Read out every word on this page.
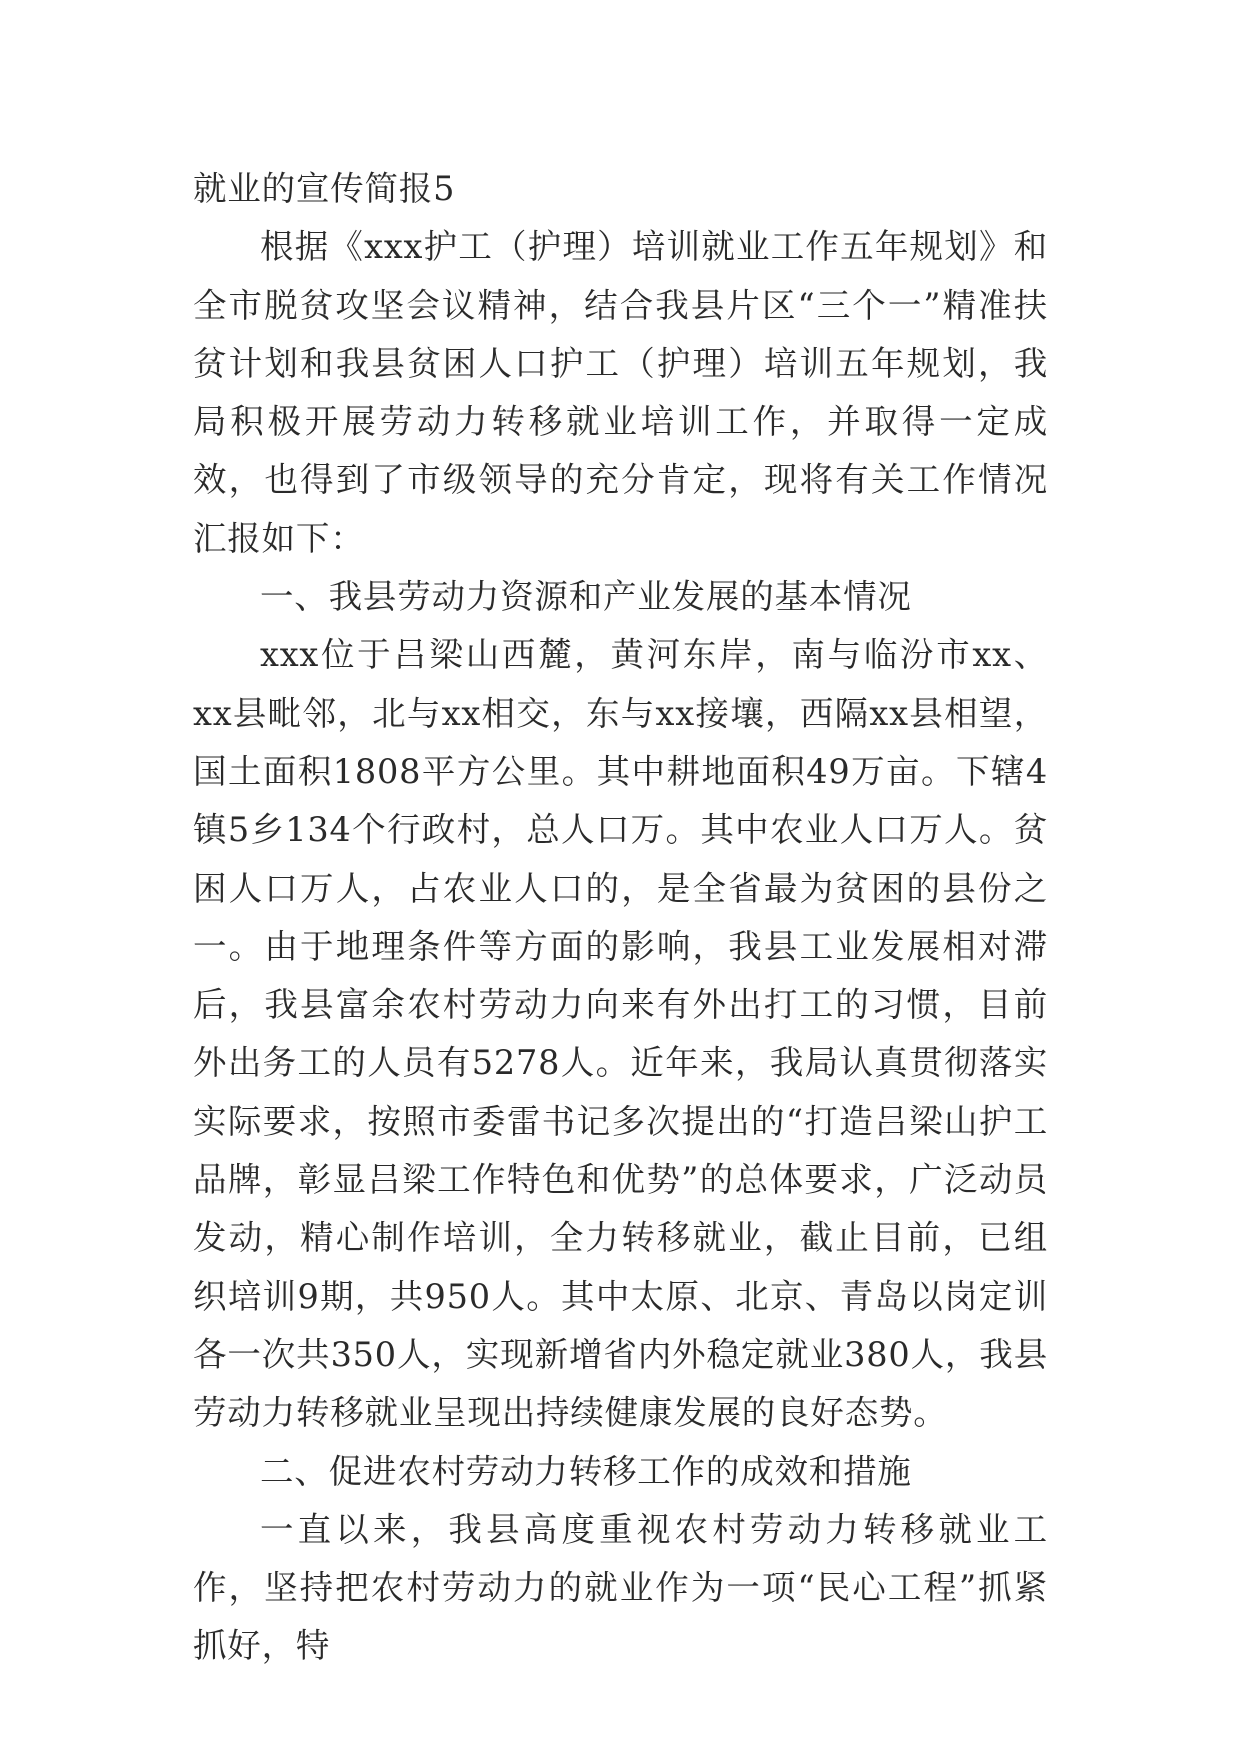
就业的宣传简报5

根据《xxx护工（护理）培训就业工作五年规划》和全市脱贫攻坚会议精神，结合我县片区“三个一”精准扶贫计划和我县贫困人口护工（护理）培训五年规划，我局积极开展劳动力转移就业培训工作，并取得一定成效，也得到了市级领导的充分肯定，现将有关工作情况汇报如下：

一、我县劳动力资源和产业发展的基本情况

xxx位于吕梁山西麓，黄河东岸，南与临汾市xx、xx县毗邻，北与xx相交，东与xx接壤，西隔xx县相望，国土面积1808平方公里。其中耕地面积49万亩。下辖4镇5乡134个行政村，总人口万。其中农业人口万人。贫困人口万人，占农业人口的，是全省最为贫困的县份之一。由于地理条件等方面的影响，我县工业发展相对滞后，我县富余农村劳动力向来有外出打工的习惯，目前外出务工的人员有5278人。近年来，我局认真贯彻落实实际要求，按照市委雷书记多次提出的“打造吕梁山护工品牌，彰显吕梁工作特色和优势”的总体要求，广泛动员发动，精心制作培训，全力转移就业，截止目前，已组织培训9期，共950人。其中太原、北京、青岛以岗定训各一次共350人，实现新增省内外稳定就业380人，我县劳动力转移就业呈现出持续健康发展的良好态势。

二、促进农村劳动力转移工作的成效和措施

一直以来，我县高度重视农村劳动力转移就业工作，坚持把农村劳动力的就业作为一项“民心工程”抓紧抓好，特
